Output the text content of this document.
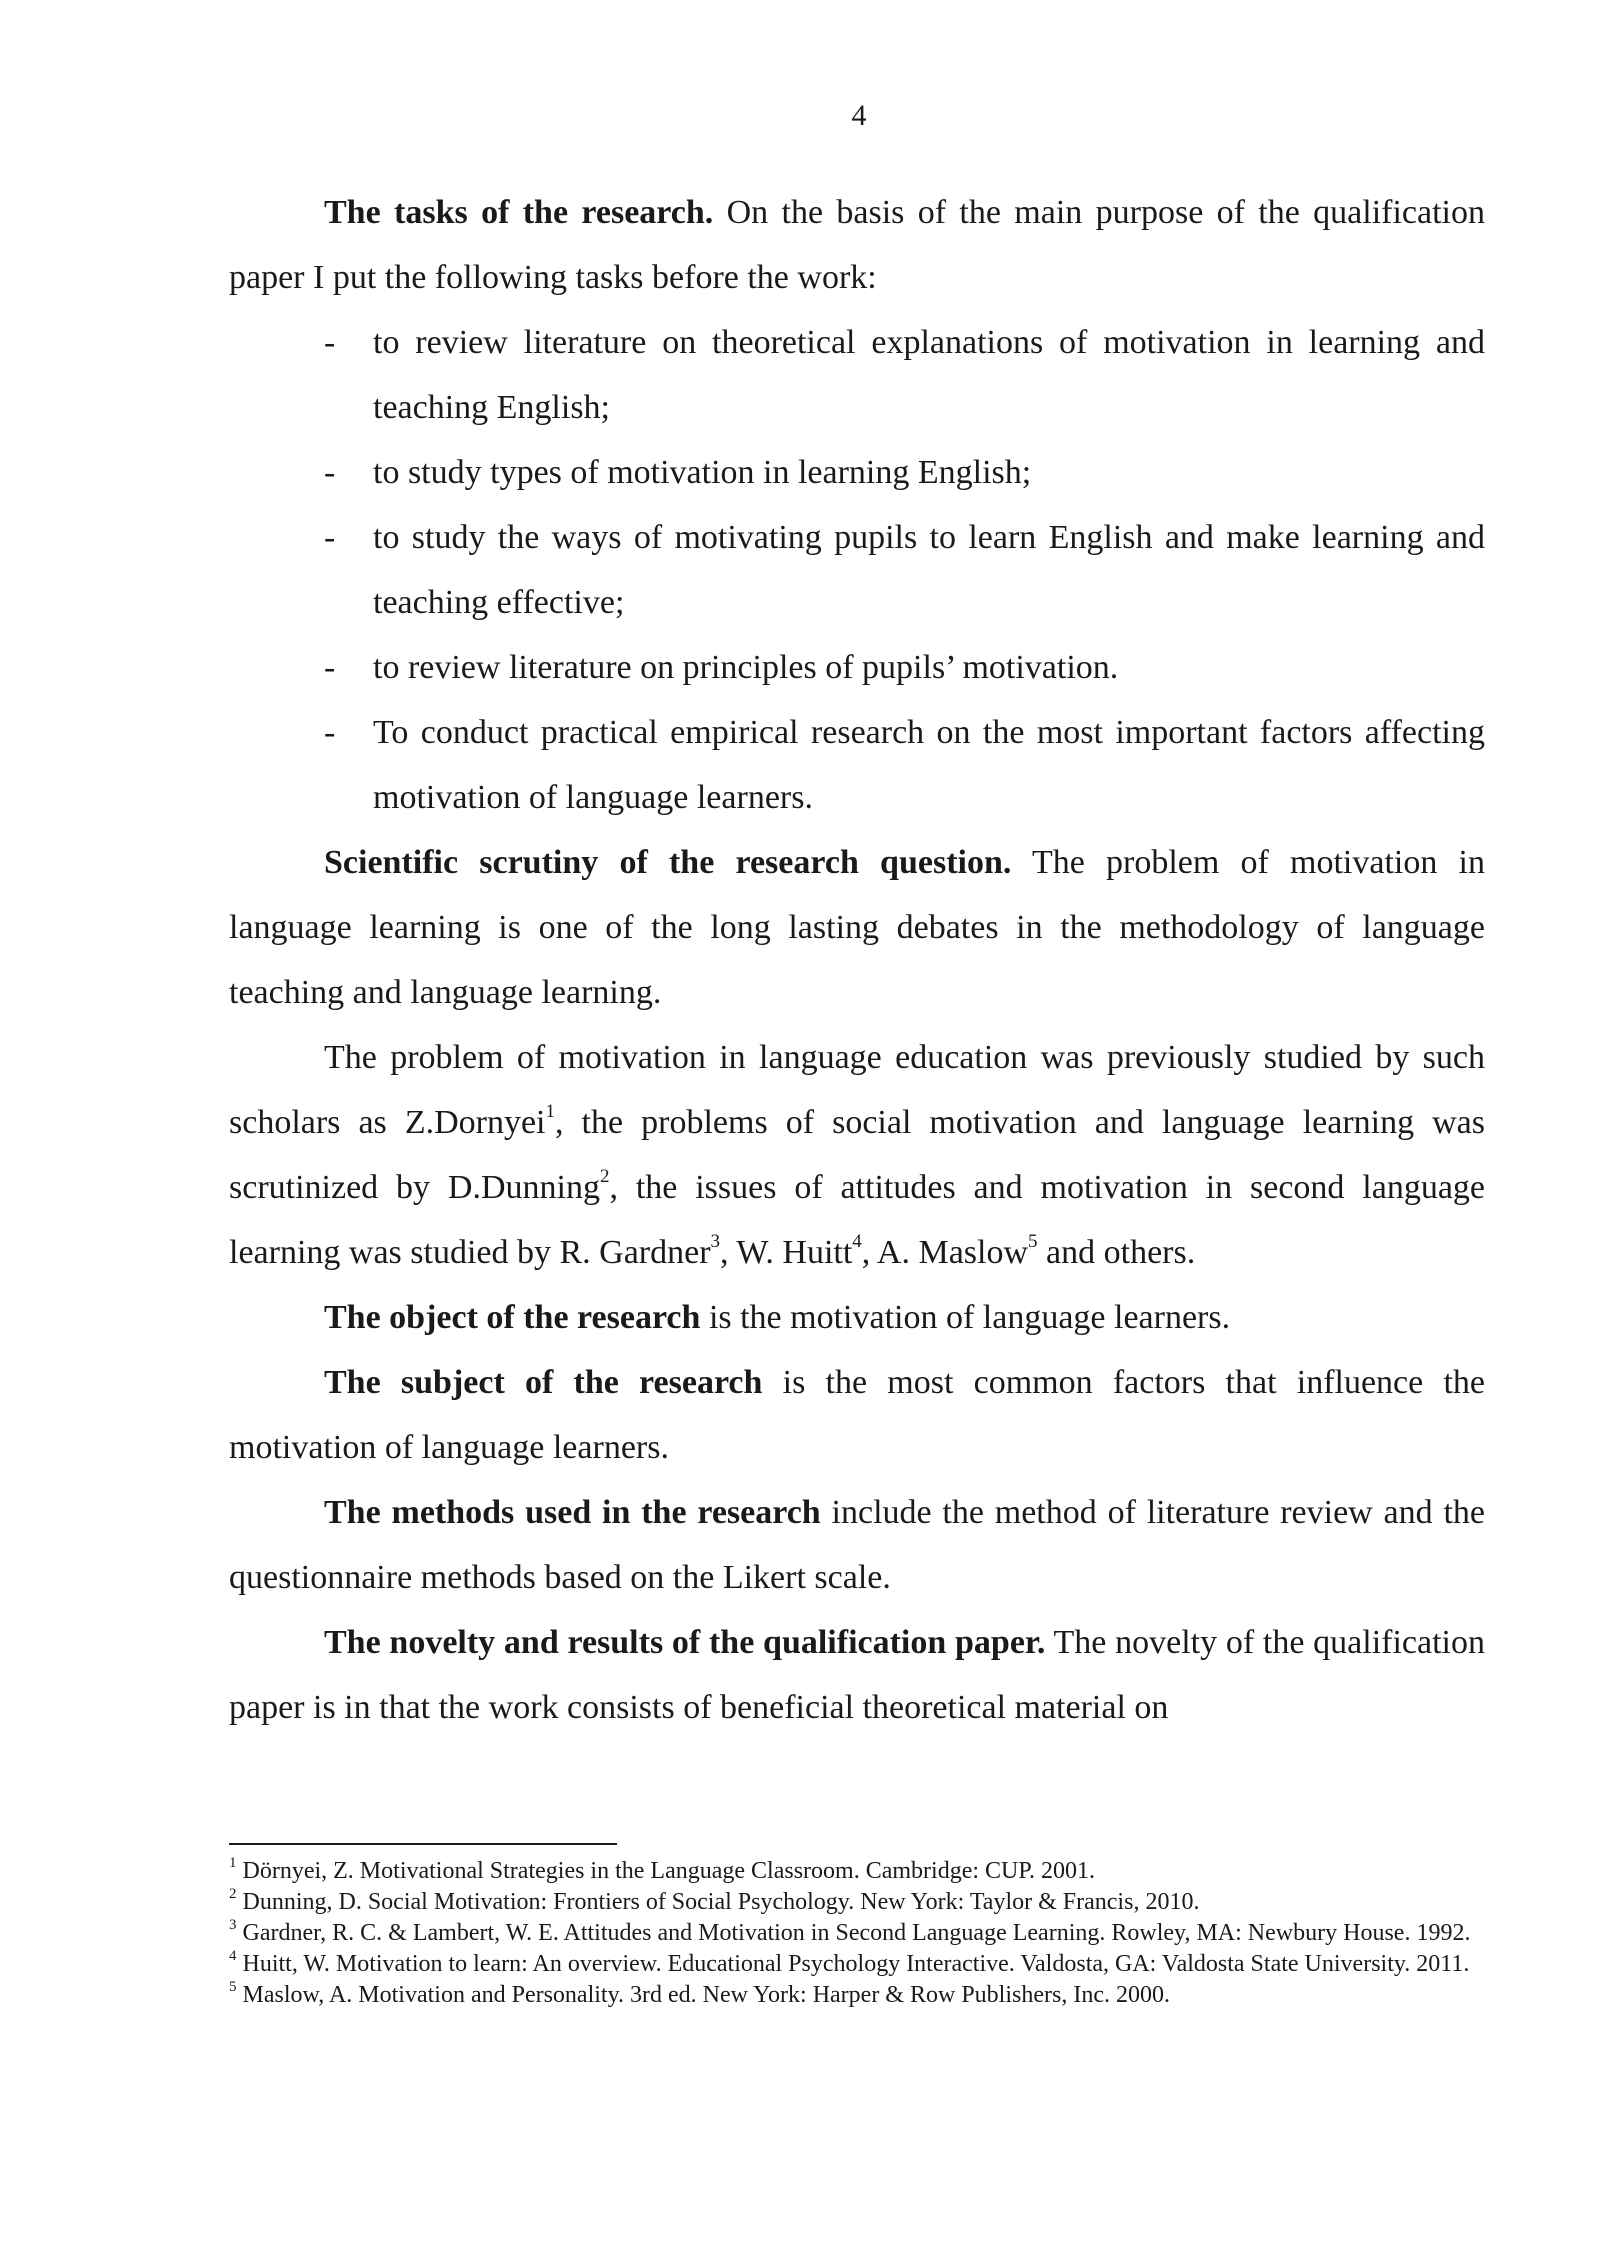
4

The tasks of the research. On the basis of the main purpose of the qualification paper I put the following tasks before the work:

- to review literature on theoretical explanations of motivation in learning and teaching English;
- to study types of motivation in learning English;
- to study the ways of motivating pupils to learn English and make learning and teaching effective;
- to review literature on principles of pupils’ motivation.
- To conduct practical empirical research on the most important factors affecting motivation of language learners.

Scientific scrutiny of the research question. The problem of motivation in language learning is one of the long lasting debates in the methodology of language teaching and language learning.

The problem of motivation in language education was previously studied by such scholars as Z.Dornyei$^1$, the problems of social motivation and language learning was scrutinized by D.Dunning$^2$, the issues of attitudes and motivation in second language learning was studied by R. Gardner$^3$, W. Huitt$^4$, A. Maslow$^5$ and others.

The object of the research is the motivation of language learners.

The subject of the research is the most common factors that influence the motivation of language learners.

The methods used in the research include the method of literature review and the questionnaire methods based on the Likert scale.

The novelty and results of the qualification paper. The novelty of the qualification paper is in that the work consists of beneficial theoretical material on

$^1$ Dörnyei, Z. Motivational Strategies in the Language Classroom. Cambridge: CUP. 2001.

$^2$ Dunning, D. Social Motivation: Frontiers of Social Psychology. New York: Taylor & Francis, 2010.

$^3$ Gardner, R. C. & Lambert, W. E. Attitudes and Motivation in Second Language Learning. Rowley, MA: Newbury House. 1992.

$^4$ Huitt, W. Motivation to learn: An overview. Educational Psychology Interactive. Valdosta, GA: Valdosta State University. 2011.

$^5$ Maslow, A. Motivation and Personality. 3rd ed. New York: Harper & Row Publishers, Inc. 2000.
